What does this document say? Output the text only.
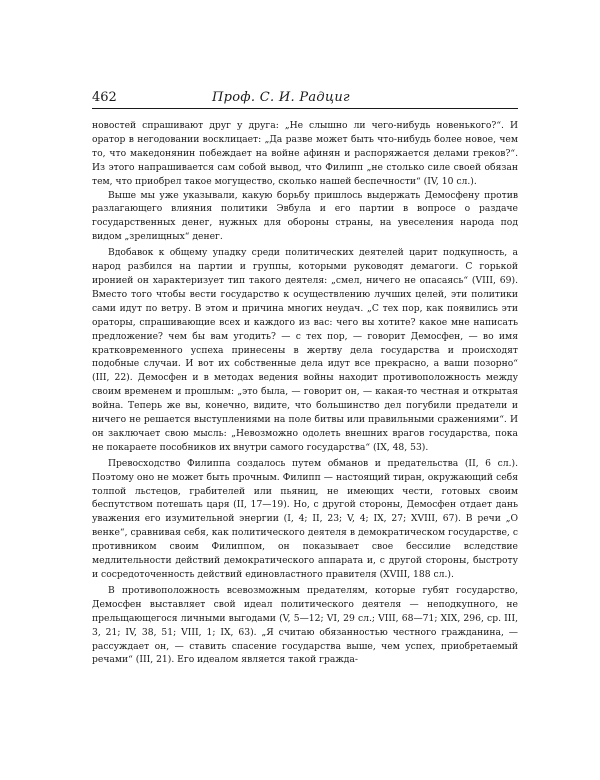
462	Проф. С. И. Радциг

новостей спрашивают друг у друга: „Не слышно ли чего-нибудь новенького?“. И оратор в негодовании восклицает: „Да разве может быть что-нибудь более новое, чем то, что македонянин побеждает на войне афинян и распоряжается делами греков?“. Из этого напрашивается сам собой вывод, что Филипп „не столько силе своей обязан тем, что приобрел такое могущество, сколько нашей беспечности“ (IV, 10 сл.).

Выше мы уже указывали, какую борьбу пришлось выдержать Демосфену против разлагающего влияния политики Эвбула и его партии в вопросе о раздаче государственных денег, нужных для обороны страны, на увеселения народа под видом „зрелищных“ денег.

Вдобавок к общему упадку среди политических деятелей царит подкупность, а народ разбился на партии и группы, которыми руководят демагоги. С горькой иронией он характеризует тип такого деятеля: „смел, ничего не опасаясь“ (VIII, 69). Вместо того чтобы вести государство к осуществлению лучших целей, эти политики сами идут по ветру. В этом и причина многих неудач. „С тех пор, как появились эти ораторы, спрашивающие всех и каждого из вас: чего вы хотите? какое мне написать предложение? чем бы вам угодить? — с тех пор, — говорит Демосфен, — во имя кратковременного успеха принесены в жертву дела государства и происходят подобные случаи. И вот их собственные дела идут все прекрасно, а ваши позорно“ (III, 22). Демосфен и в методах ведения войны находит противоположность между своим временем и прошлым: „это была, — говорит он, — какая-то честная и открытая война. Теперь же вы, конечно, видите, что большинство дел погубили предатели и ничего не решается выступлениями на поле битвы или правильными сражениями“. И он заключает свою мысль: „Невозможно одолеть внешних врагов государства, пока не покараете пособников их внутри самого государства“ (IX, 48, 53).

Превосходство Филиппа создалось путем обманов и предательства (II, 6 сл.). Поэтому оно не может быть прочным. Филипп — настоящий тиран, окружающий себя толпой льстецов, грабителей или пьяниц, не имеющих чести, готовых своим беспутством потешать царя (II, 17—19). Но, с другой стороны, Демосфен отдает дань уважения его изумительной энергии (I, 4; II, 23; V, 4; IX, 27; XVIII, 67). В речи „О венке“, сравнивая себя, как политического деятеля в демократическом государстве, с противником своим Филиппом, он показывает свое бессилие вследствие медлительности действий демократического аппарата и, с другой стороны, быстроту и сосредоточенность действий единовластного правителя (XVIII, 188 сл.).

В противоположность всевозможным предателям, которые губят государство, Демосфен выставляет свой идеал политического деятеля — неподкупного, не прельщающегося личными выгодами (V, 5—12; VI, 29 сл.; VIII, 68—71; XIX, 296, ср. III, 3, 21; IV, 38, 51; VIII, 1; IX, 63). „Я считаю обязанностью честного гражданина, — рассуждает он, — ставить спасение государства выше, чем успех, приобретаемый речами“ (III, 21). Его идеалом является такой гражда-
